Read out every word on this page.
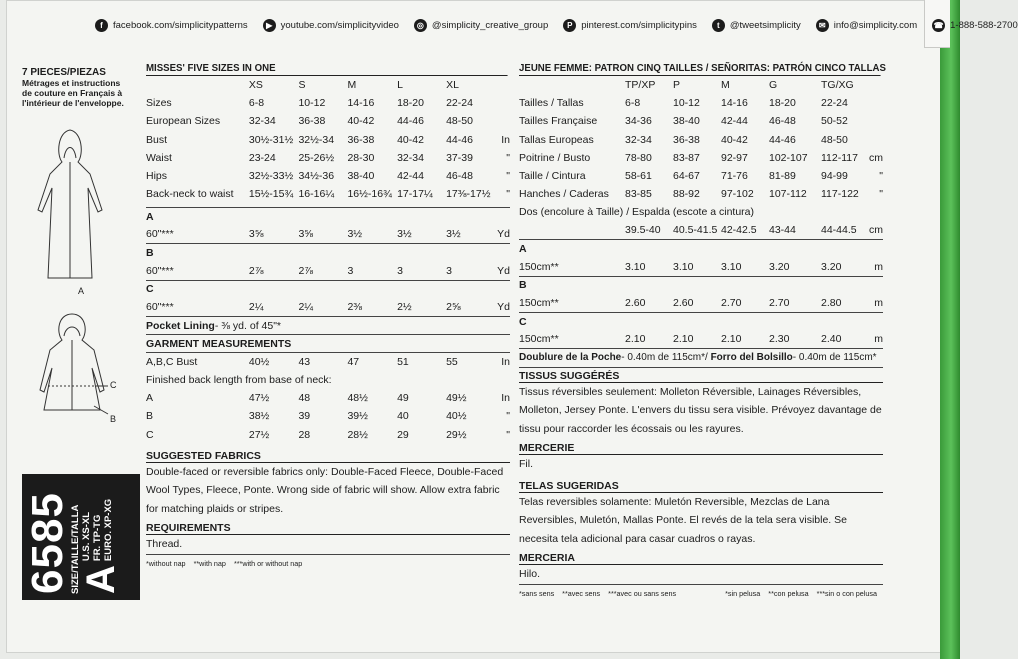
f	facebook.com/simplicitypatterns	▶ youtube.com/simplicityvideo	◎ @simplicity_creative_group	P pinterest.com/simplicitypins	t	@tweetsimplicity	✉ info@simplicity.com ☎ 1-888-588-2700
7 PIECES/PIEZAS
Métrages et instructions
de couture en Français à
l'intérieur de l'enveloppe.
A
C
B
6585
SIZE/TAILLE/TALLA
A
U.S. XS-XL
FR. TP-TG
EURO. XP-XG
MISSES' FIVE SIZES IN ONE
	XS	S	M	L	XL	
Sizes	6-8	10-12	14-16	18-20	22-24	
European Sizes	32-34	36-38	40-42	44-46	48-50	
Bust	30½-31½	32½-34	36-38	40-42	44-46	In
Waist	23-24	25-26½	28-30	32-34	37-39	"
Hips	32½-33½	34½-36	38-40	42-44	46-48	"
Back-neck to waist	15½-15¾	16-16¼	16½-16¾	17-17¼	17⅜-17½	"

A						
60"***	3⅝	3⅝	3½	3½	3½	Yd
B						
60"***	2⅞	2⅞	3	3	3	Yd
C						
60"***	2¼	2¼	2⅜	2½	2⅝	Yd
Pocket Lining- ⅜ yd. of 45"*						
GARMENT MEASUREMENTS						
A,B,C Bust	40½	43	47	51	55	In
Finished back length from base of neck:						
A	47½	48	48½	49	49½	In
B	38½	39	39½	40	40½	"
C	27½	28	28½	29	29½	"
SUGGESTED FABRICS
Double-faced or reversible fabrics only: Double-Faced Fleece, Double-Faced Wool Types, Fleece, Ponte. Wrong side of fabric will show. Allow extra fabric for matching plaids or stripes.
REQUIREMENTS
Thread.
*without nap **with nap ***with or without nap
JEUNE FEMME: PATRON CINQ TAILLES / SEÑORITAS: PATRÓN CINCO TALLAS
	TP/XP	P	M	G	TG/XG	
Tailles / Tallas	6-8	10-12	14-16	18-20	22-24	
Tailles Française	34-36	38-40	42-44	46-48	50-52	
Tallas Europeas	32-34	36-38	40-42	44-46	48-50	
Poitrine / Busto	78-80	83-87	92-97	102-107	112-117	cm
Taille / Cintura	58-61	64-67	71-76	81-89	94-99	"
Hanches / Caderas	83-85	88-92	97-102	107-112	117-122	"
Dos (encolure à Taille) / Espalda (escote a cintura)						
	39.5-40	40.5-41.5	42-42.5	43-44	44-44.5	cm
A						
150cm**	3.10	3.10	3.10	3.20	3.20	m
B						
150cm**	2.60	2.60	2.70	2.70	2.80	m
C						
150cm**	2.10	2.10	2.10	2.30	2.40	m
Doublure de la Poche- 0.40m de 115cm*/ Forro del Bolsillo- 0.40m de 115cm*						
TISSUS SUGGÉRÉS
Tissus réversibles seulement: Molleton Réversible, Lainages Réversibles, Molleton, Jersey Ponte. L'envers du tissu sera visible. Prévoyez davantage de tissu pour raccorder les écossais ou les rayures.
MERCERIE
Fil.
TELAS SUGERIDAS
Telas reversibles solamente: Muletón Reversible, Mezclas de Lana Reversibles, Muletón, Mallas Ponte. El revés de la tela sera visible. Se necesita tela adicional para casar cuadros o rayas.
MERCERIA
Hilo.
*sans sens **avec sens ***avec ou sans sens	*sin pelusa **con pelusa ***sin o con pelusa
